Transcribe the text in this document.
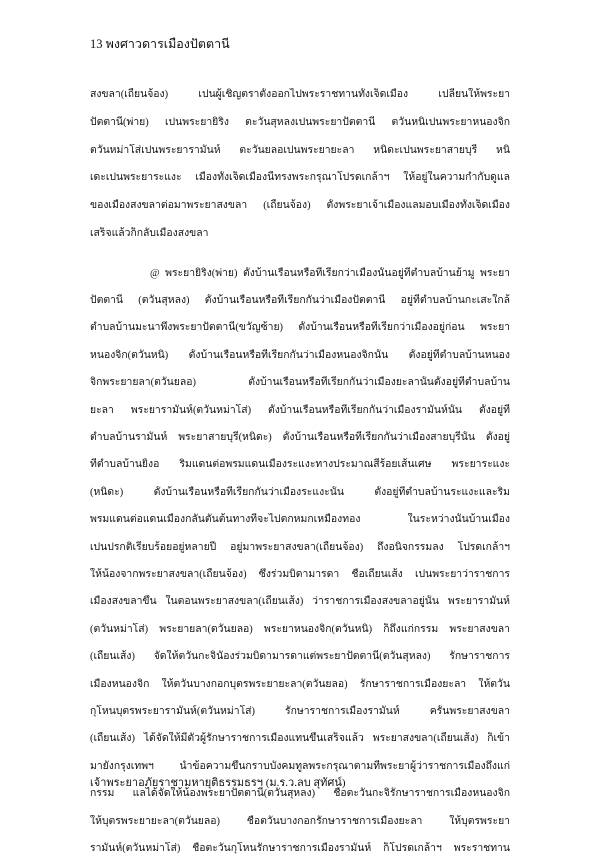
13 พงศาวดารเมืองปัตตานี
สงขลา(เถี้ยนจ้อง) เปนผู้เชิญตราตั้งออกไปพระราชทานทั้งเจ็ดเมือง เปลี่ยนให้พระยา
ปัตตานี(พ่าย) เปนพระยายิริง ตะวันสุหลงเปนพระยาปัตตานี ตวันหนิเปนพระยาหนองจิก
ตวันหม่าโส่เปนพระยารามันห์ ตะวันยลอเปนพระยายะลา หนิดะเปนพระยาสายบุรี หนิ
เดะเปนพระยาระแงะ เมืองทั้งเจ็ดเมืองนี้ทรงพระกรุณาโปรดเกล้าฯ ให้อยู่ในความกำกับดูแล
ของเมืองสงขลาต่อมาพระยาสงขลา (เถี้ยนจ้อง) ตั้งพระยาเจ้าเมืองแลมอบเมืองทั้งเจ็ดเมือง
เสร็จแล้วก็กลับเมืองสงขลา
@ พระยายิริง(พ่าย) ตั้งบ้านเรือนหรือที่เรียกว่าเมืองนั้นอยู่ที่ตำบลบ้านย้ามู พระยา
ปัตตานี (ตวันสุหลง) ตั้งบ้านเรือนหรือที่เรียกกันว่าเมืองปัตตานี อยู่ที่ตำบลบ้านกะเสะใกล้
ตำบลบ้านมะนาพึ่งพระยาปัตตานี(ขวัญซ้าย) ตั้งบ้านเรือนหรือที่เรียกว่าเมืองอยู่ก่อน พระยา
หนองจิก(ตวันหนิ) ตั้งบ้านเรือนหรือที่เรียกกันว่าเมืองหนองจิกนั้น ตั้งอยู่ที่ตำบลบ้านหนอง
จิกพระยายลา(ตวันยลอ) ตั้งบ้านเรือนหรือที่เรียกกันว่าเมืองยะลานั้นตั้งอยู่ที่ตำบลบ้าน
ยะลา พระยารามันห์(ตวันหม่าโส่) ตั้งบ้านเรือนหรือที่เรียกกันว่าเมืองรามันห์นั้น ตั้งอยู่ที่
ตำบลบ้านรามันห์ พระยาสายบุรี(หนิดะ) ตั้งบ้านเรือนหรือที่เรียกกันว่าเมืองสายบุรีนั้น ตั้งอยู่
ที่ตำบลบ้านยิ้งอ ริมแดนต่อพรมแดนเมืองระแงะทางประมาณสี่ร้อยเส้นเศษ พระยาระแงะ
(หนิดะ) ตั้งบ้านเรือนหรือที่เรียกกันว่าเมืองระแงะนั้น ตั้งอยู่ที่ตำบลบ้านระแงะและริม
พรมแดนต่อแดนเมืองกลันตันต้นทางที่จะไปตกหมกเหมืองทอง ในระหว่างนั้นบ้านเมือง
เปนปรกติเรียบร้อยอยู่หลายปี อยู่มาพระยาสงขลา(เถี้ยนจ้อง) ถึงอนิจกรรมลง โปรดเกล้าฯ
ให้น้องจากพระยาสงขลา(เถี้ยนจ้อง) ซึ่งร่วมบิดามารดา ชื่อเถี้ยนเส้ง เปนพระยาว่าราชการ
เมืองสงขลาขึ้น ในตอนพระยาสงขลา(เถี้ยนเส้ง) ว่าราชการเมืองสงขลาอยู่นั้น พระยารามันห์
(ตวันหม่าโส่) พระยายลา(ตวันยลอ) พระยาหนองจิก(ตวันหนิ) ก็ถึงแก่กรรม พระยาสงขลา
(เถี้ยนเส้ง) จัดให้ตวันกะจินัองร่วมบิดามารดาแต่พระยาปัตตานี(ตวันสุหลง) รักษาราชการ
เมืองหนองจิก ให้ตวันบางกอกบุตรพระยายะลา(ตวันยลอ) รักษาราชการเมืองยะลา ให้ตวัน
กุโหนบุตรพระยารามันห์(ตวันหม่าโส่) รักษาราชการเมืองรามันห์ ครั้นพระยาสงขลา
(เถี้ยนเส้ง) ได้จัดให้มีตัวผู้รักษาราชการเมืองแทนขึ้นเสร็จแล้ว พระยาสงขลา(เถี้ยนเส้ง) ก็เข้า
มายังกรุงเทพฯ นำข้อความขึ้นกราบบังคมทูลพระกรุณาตามที่พระยาผู้ว่าราชการเมืองถึงแก่
กรรม แลได้จัดให้น้องพระยาปัตตานี(ตวันสุหลง) ชื่อตะวันกะจิรักษาราชการเมืองหนองจิก
ให้บุตรพระยายะลา(ตวันยลอ) ชื่อตวันบางกอกรักษาราชการเมืองยะลา ให้บุตรพระยา
รามันห์(ตวันหม่าโส่) ชื่อตะวันกุโหนรักษาราชการเมืองรามันห์ ก็โปรดเกล้าฯ พระราชทาน
เจ้าพระยาอภัยราชามหายุติธรรมธรฯ (ม.ร.ว.ลบ สุทัศน์)
